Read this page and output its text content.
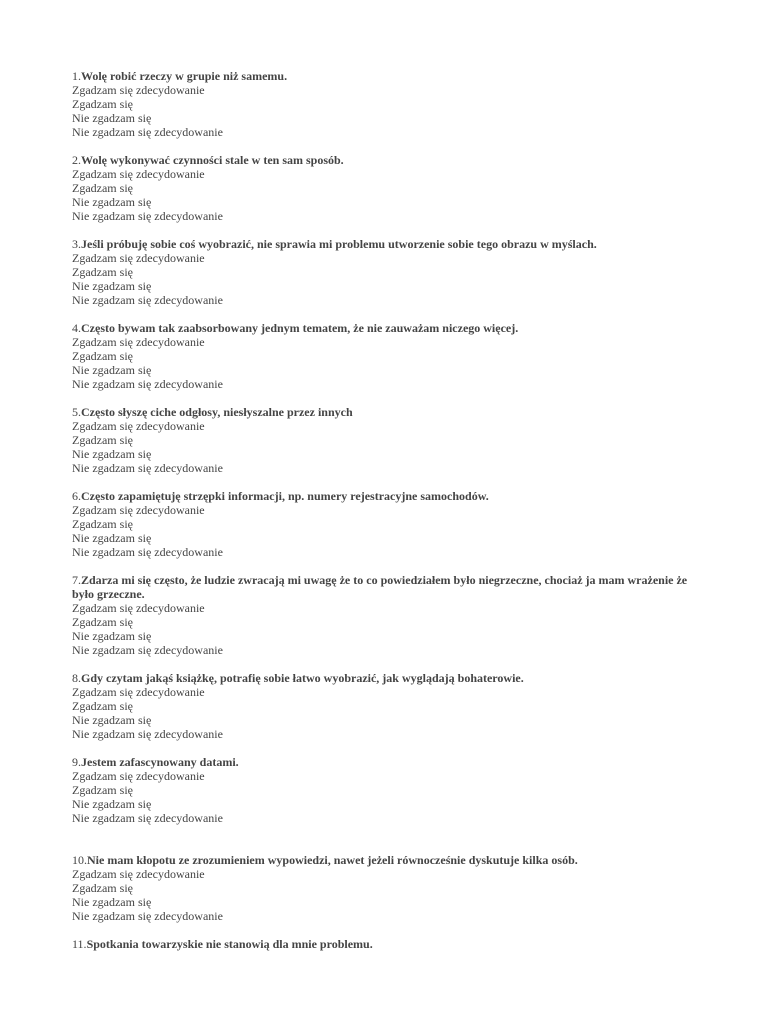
1.Wolę robić rzeczy w grupie niż samemu.
Zgadzam się zdecydowanie
Zgadzam się
Nie zgadzam się
Nie zgadzam się zdecydowanie
2.Wolę wykonywać czynności stale w ten sam sposób.
Zgadzam się zdecydowanie
Zgadzam się
Nie zgadzam się
Nie zgadzam się zdecydowanie
3.Jeśli próbuję sobie coś wyobrazić, nie sprawia mi problemu utworzenie sobie tego obrazu w myślach.
Zgadzam się zdecydowanie
Zgadzam się
Nie zgadzam się
Nie zgadzam się zdecydowanie
4.Często bywam tak zaabsorbowany jednym tematem, że nie zauważam niczego więcej.
Zgadzam się zdecydowanie
Zgadzam się
Nie zgadzam się
Nie zgadzam się zdecydowanie
5.Często słyszę ciche odgłosy, niesłyszalne przez innych
Zgadzam się zdecydowanie
Zgadzam się
Nie zgadzam się
Nie zgadzam się zdecydowanie
6.Często zapamiętuję strzępki informacji, np. numery rejestracyjne samochodów.
Zgadzam się zdecydowanie
Zgadzam się
Nie zgadzam się
Nie zgadzam się zdecydowanie
7.Zdarza mi się często, że ludzie zwracają mi uwagę że to co powiedziałem było niegrzeczne, chociaż ja mam wrażenie że było grzeczne.
Zgadzam się zdecydowanie
Zgadzam się
Nie zgadzam się
Nie zgadzam się zdecydowanie
8.Gdy czytam jakąś książkę, potrafię sobie łatwo wyobrazić, jak wyglądają bohaterowie.
Zgadzam się zdecydowanie
Zgadzam się
Nie zgadzam się
Nie zgadzam się zdecydowanie
9.Jestem zafascynowany datami.
Zgadzam się zdecydowanie
Zgadzam się
Nie zgadzam się
Nie zgadzam się zdecydowanie
10.Nie mam kłopotu ze zrozumieniem wypowiedzi, nawet jeżeli równocześnie dyskutuje kilka osób.
Zgadzam się zdecydowanie
Zgadzam się
Nie zgadzam się
Nie zgadzam się zdecydowanie
11.Spotkania towarzyskie nie stanowią dla mnie problemu.
